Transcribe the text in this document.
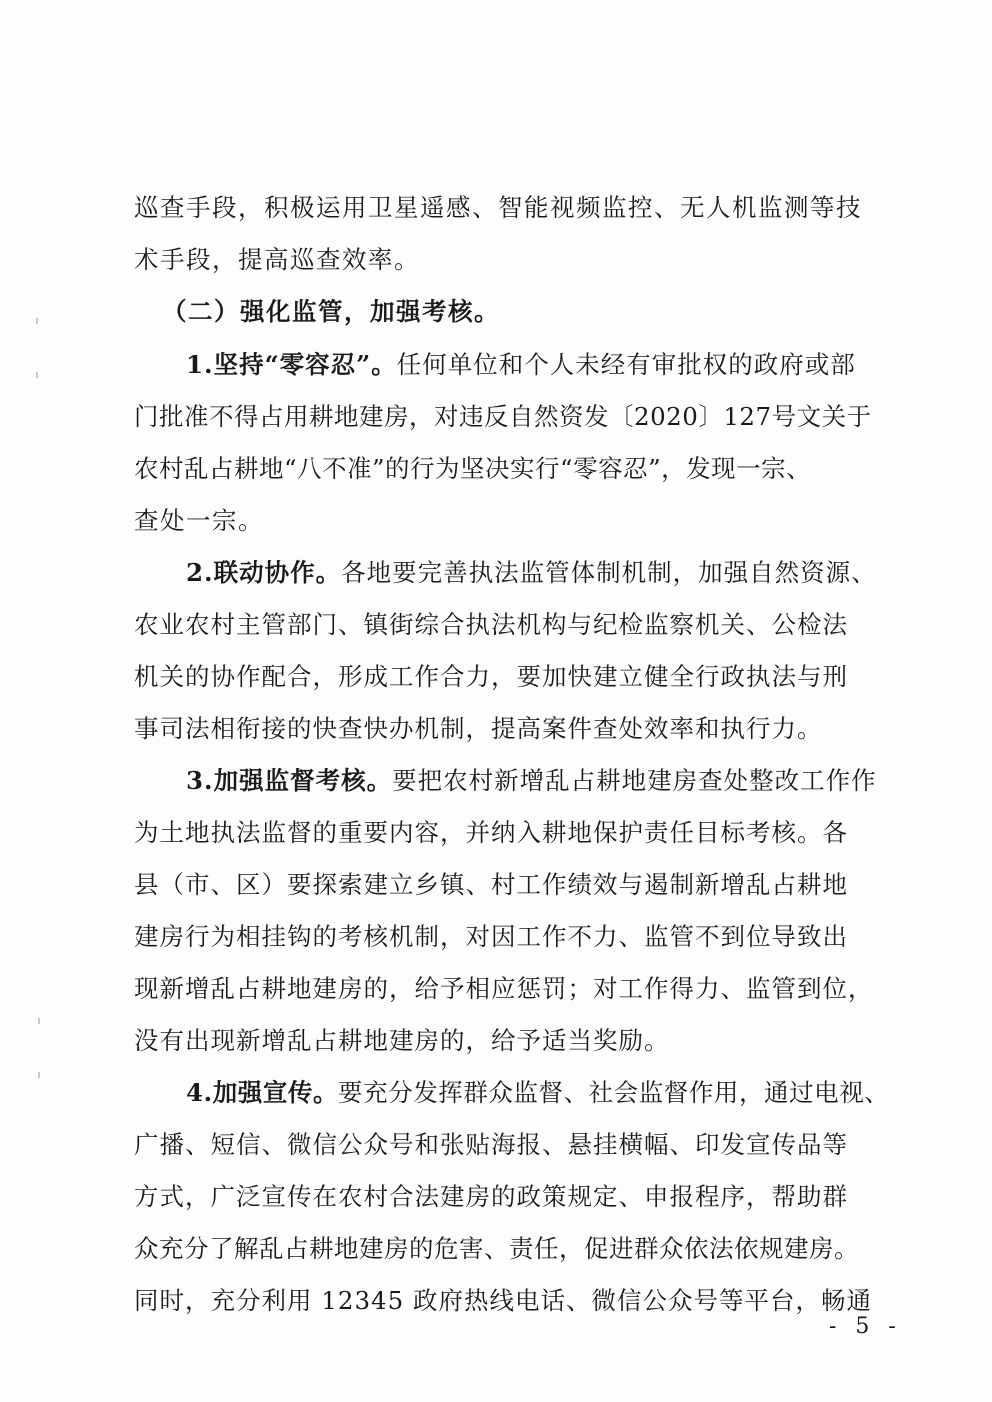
巡查手段，积极运用卫星遥感、智能视频监控、无人机监测等技
术手段，提高巡查效率。
（二）强化监管，加强考核。
1.坚持“零容忍”。任何单位和个人未经有审批权的政府或部
门批准不得占用耕地建房，对违反自然资发〔2020〕127号文关于
农村乱占耕地“八不准”的行为坚决实行“零容忍”，发现一宗、
查处一宗。
2.联动协作。各地要完善执法监管体制机制，加强自然资源、
农业农村主管部门、镇街综合执法机构与纪检监察机关、公检法
机关的协作配合，形成工作合力，要加快建立健全行政执法与刑
事司法相衔接的快查快办机制，提高案件查处效率和执行力。
3.加强监督考核。要把农村新增乱占耕地建房查处整改工作作
为土地执法监督的重要内容，并纳入耕地保护责任目标考核。各
县（市、区）要探索建立乡镇、村工作绩效与遏制新增乱占耕地
建房行为相挂钩的考核机制，对因工作不力、监管不到位导致出
现新增乱占耕地建房的，给予相应惩罚；对工作得力、监管到位，
没有出现新增乱占耕地建房的，给予适当奖励。
4.加强宣传。要充分发挥群众监督、社会监督作用，通过电视、
广播、短信、微信公众号和张贴海报、悬挂横幅、印发宣传品等
方式，广泛宣传在农村合法建房的政策规定、申报程序，帮助群
众充分了解乱占耕地建房的危害、责任，促进群众依法依规建房。
同时，充分利用 12345 政府热线电话、微信公众号等平台，畅通
- 5 -
